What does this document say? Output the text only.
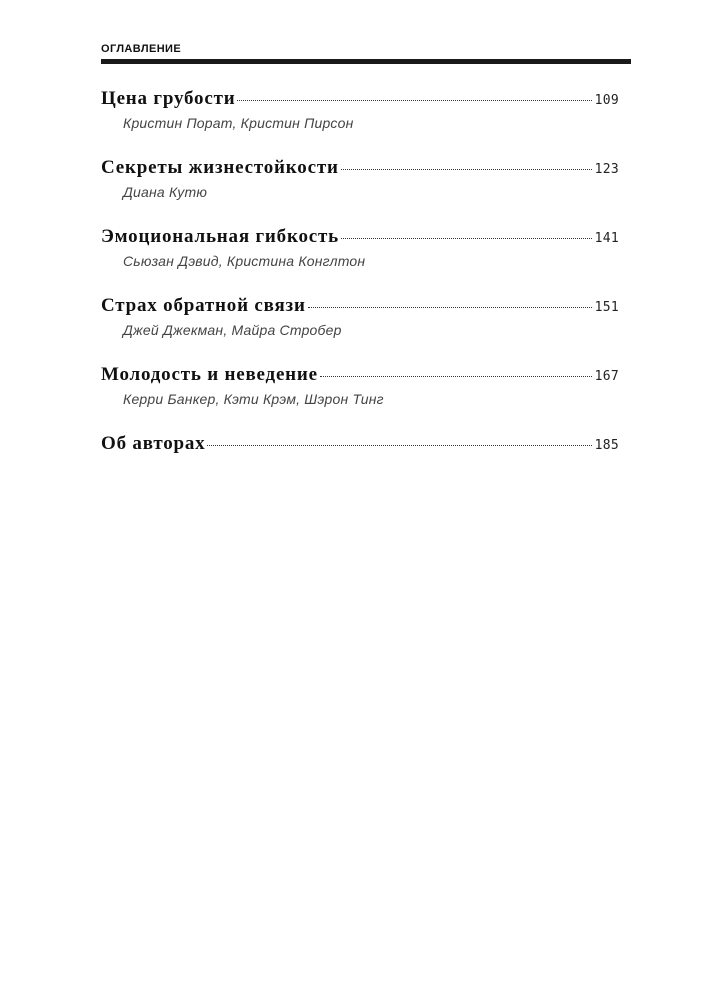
ОГЛАВЛЕНИЕ
Цена грубости	109
Кристин Порат, Кристин Пирсон
Секреты жизнестойкости	123
Диана Кутю
Эмоциональная гибкость	141
Сьюзан Дэвид, Кристина Конглтон
Страх обратной связи	151
Джей Джекман, Майра Стробер
Молодость и неведение	167
Керри Банкер, Кэти Крэм, Шэрон Тинг
Об авторах	185
